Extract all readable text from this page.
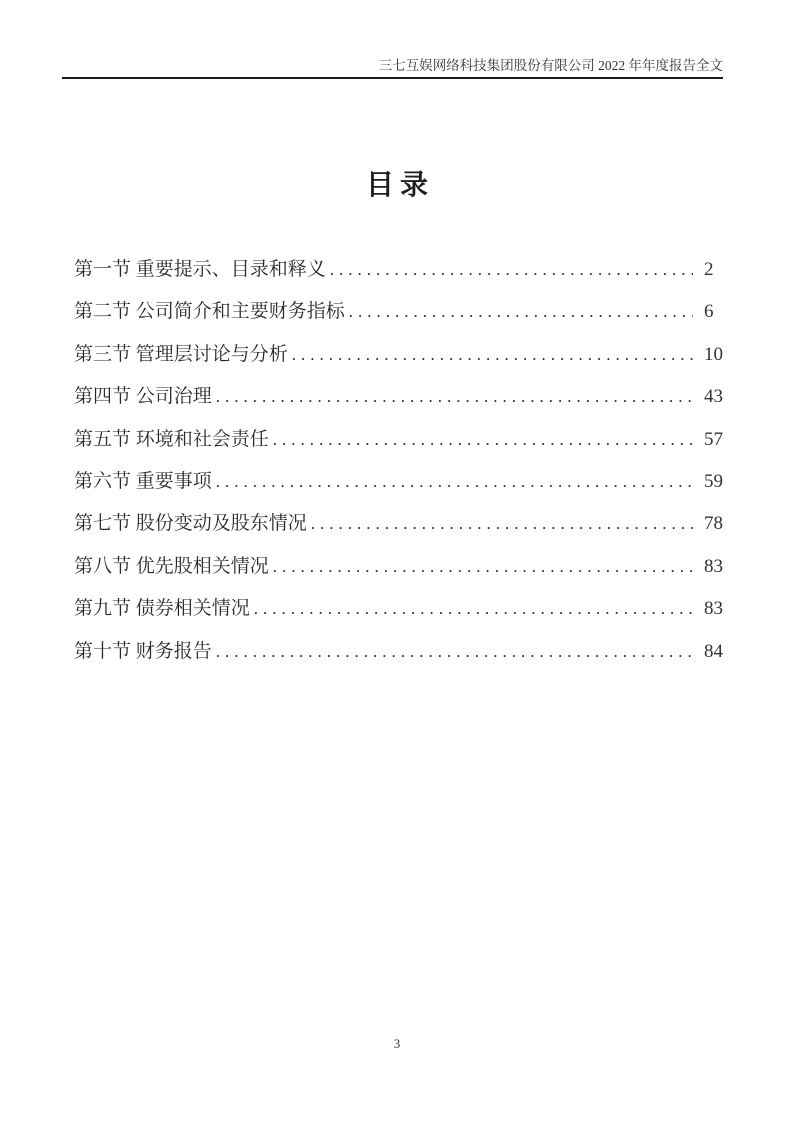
三七互娱网络科技集团股份有限公司 2022 年年度报告全文
目录
第一节 重要提示、目录和释义 .....	2
第二节 公司简介和主要财务指标 .....	6
第三节 管理层讨论与分析 .....	10
第四节 公司治理 .....	43
第五节 环境和社会责任 .....	57
第六节 重要事项 .....	59
第七节 股份变动及股东情况 .....	78
第八节 优先股相关情况 .....	83
第九节 债券相关情况 .....	83
第十节 财务报告 .....	84
3
